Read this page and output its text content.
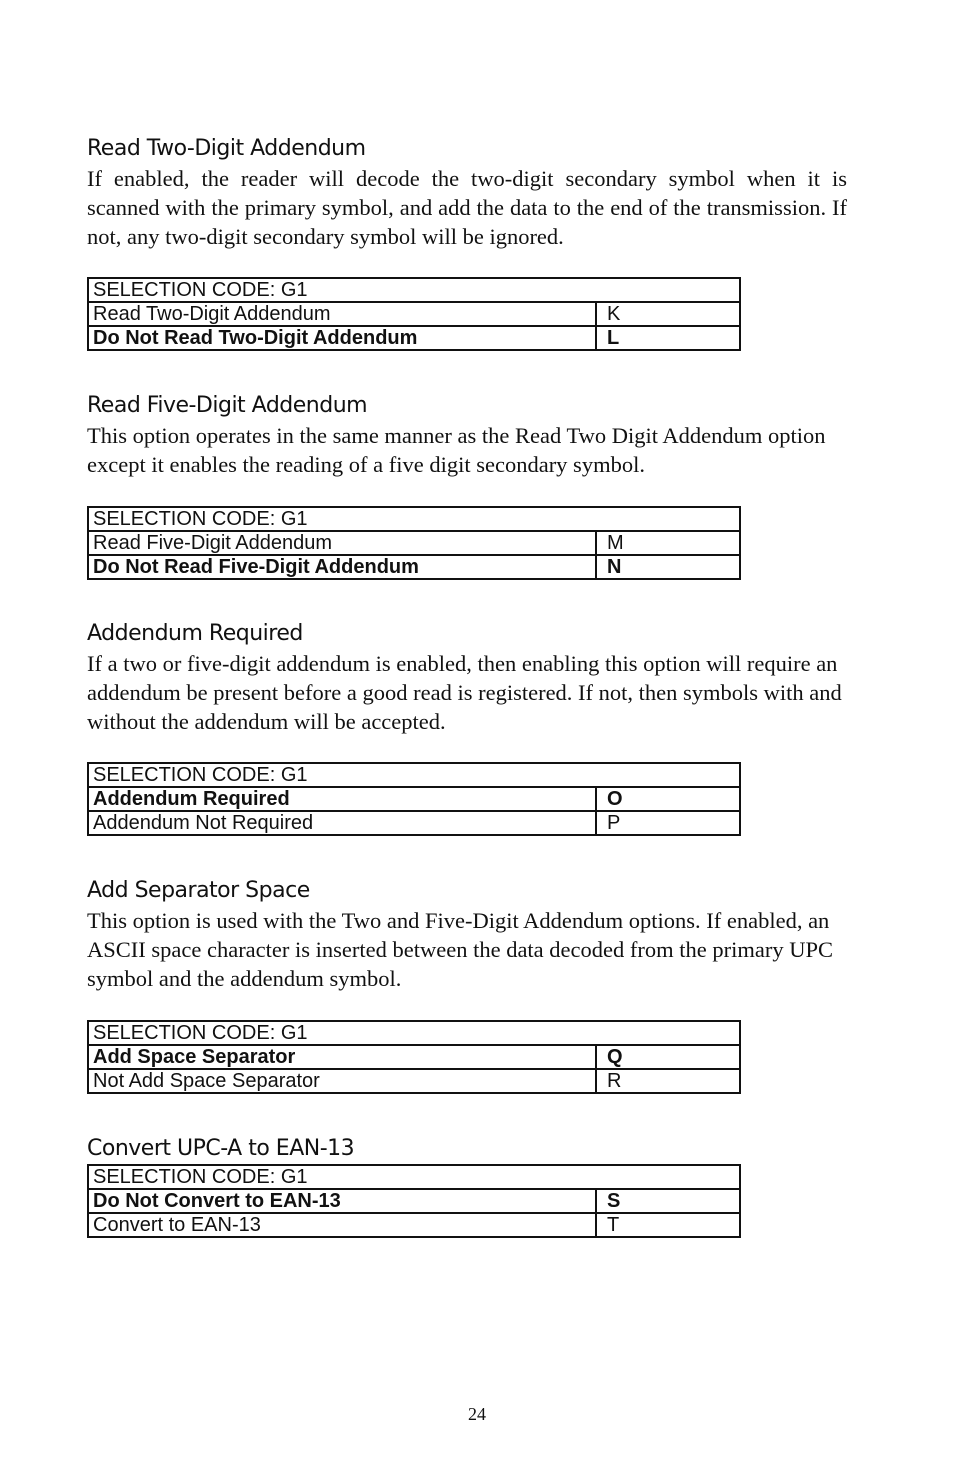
Read Two-Digit Addendum

If enabled, the reader will decode the two-digit secondary symbol when it is scanned with the primary symbol, and add the data to the end of the transmission. If not, any two-digit secondary symbol will be ignored.

SELECTION CODE: G1	
Read Two-Digit Addendum	K
Do Not Read Two-Digit Addendum	L
Read Five-Digit Addendum

This option operates in the same manner as the Read Two Digit Addendum option except it enables the reading of a five digit secondary symbol.

SELECTION CODE: G1	
Read Five-Digit Addendum	M
Do Not Read Five-Digit Addendum	N
Addendum Required

If a two or five-digit addendum is enabled, then enabling this option will require an addendum be present before a good read is registered. If not, then symbols with and without the addendum will be accepted.

SELECTION CODE: G1	
Addendum Required	O
Addendum Not Required	P
Add Separator Space

This option is used with the Two and Five-Digit Addendum options. If enabled, an ASCII space character is inserted between the data decoded from the primary UPC symbol and the addendum symbol.

SELECTION CODE: G1	
Add Space Separator	Q
Not Add Space Separator	R
Convert UPC-A to EAN-13
SELECTION CODE: G1	
Do Not Convert to EAN-13	S
Convert to EAN-13	T
24
